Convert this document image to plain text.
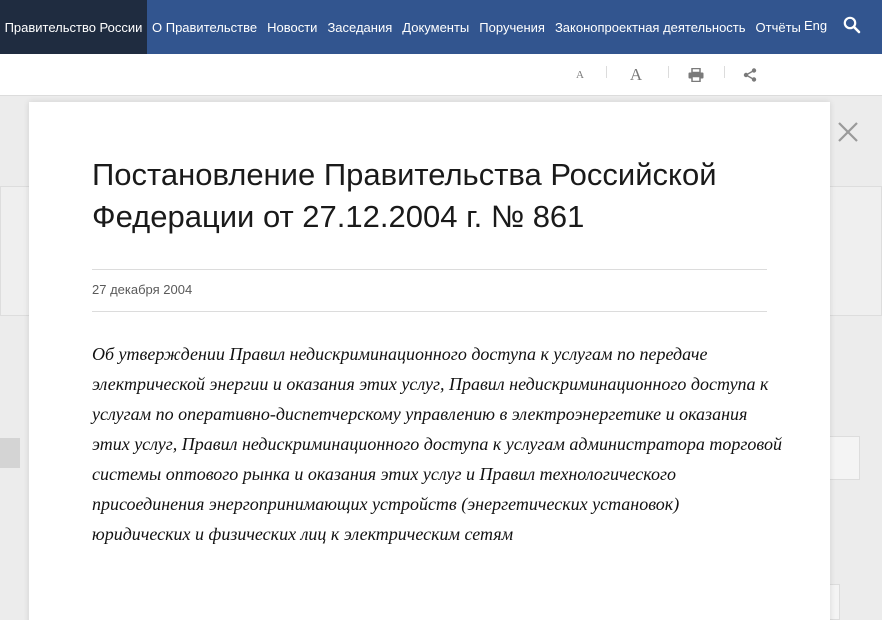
Правительство России О Правительстве Новости Заседания Документы Поручения Законопроектная деятельность Отчёты Eng
A	A
Постановление Правительства Российской Федерации от 27.12.2004 г. № 861
27 декабря 2004
Об утверждении Правил недискриминационного доступа к услугам по передаче электрической энергии и оказания этих услуг, Правил недискриминационного доступа к услугам по оперативно-диспетчерскому управлению в электроэнергетике и оказания этих услуг, Правил недискриминационного доступа к услугам администратора торговой системы оптового рынка и оказания этих услуг и Правил технологического присоединения энергопринимающих устройств (энергетических установок) юридических и физических лиц к электрическим сетям
